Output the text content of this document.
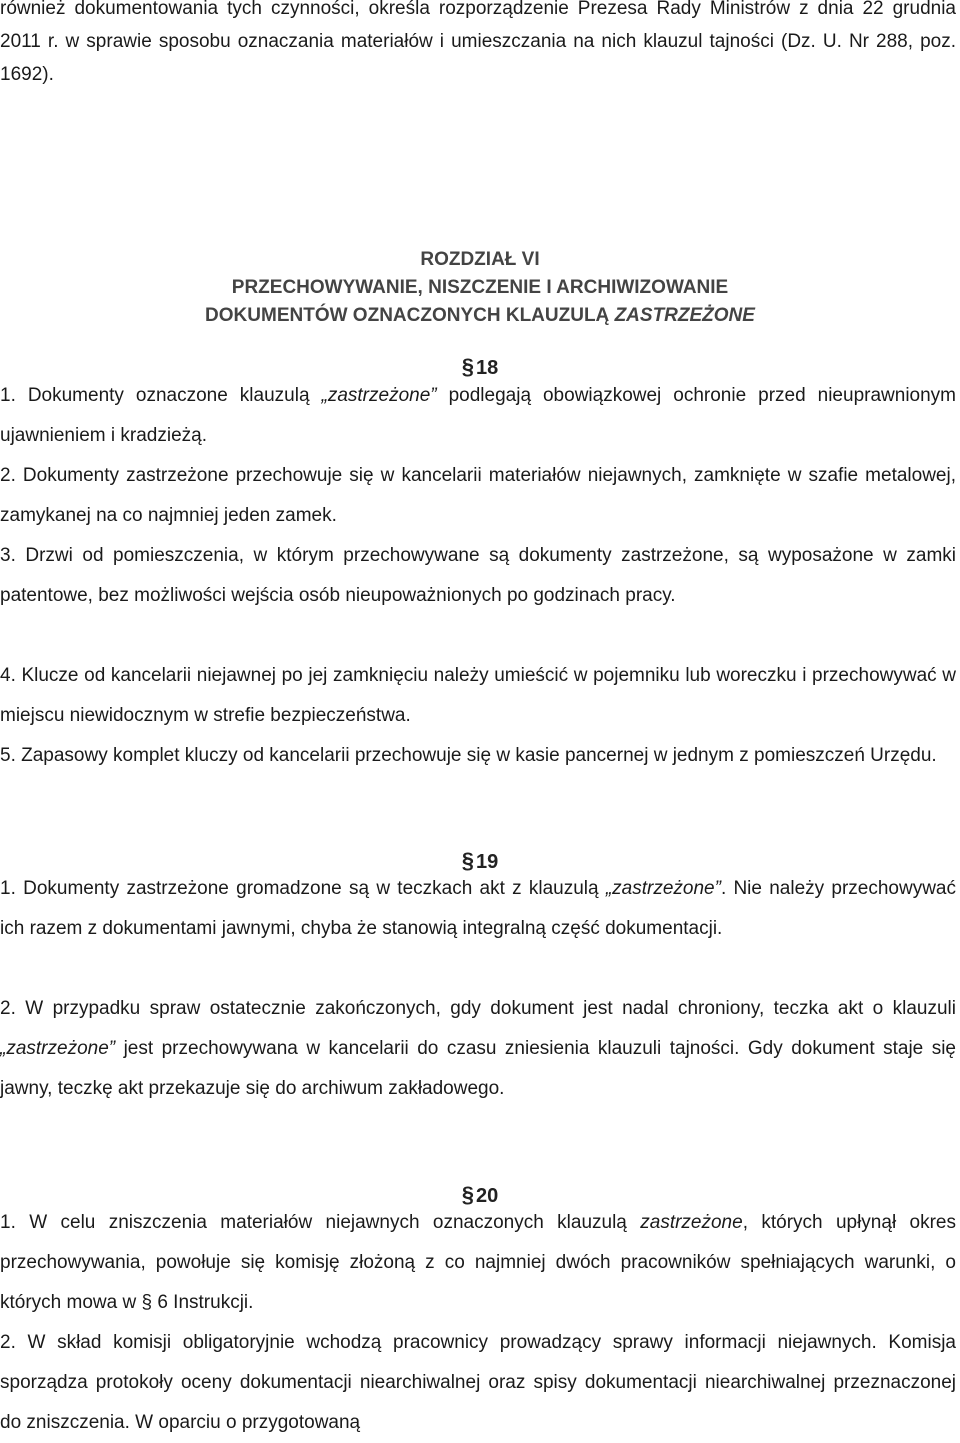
również dokumentowania tych czynności, określa rozporządzenie Prezesa Rady Ministrów z dnia 22 grudnia 2011 r. w sprawie sposobu oznaczania materiałów i umieszczania na nich klauzul tajności (Dz. U. Nr 288, poz. 1692).

ROZDZIAŁ VI
PRZECHOWYWANIE, NISZCZENIE I ARCHIWIZOWANIE
DOKUMENTÓW OZNACZONYCH KLAUZULĄ ZASTRZEŻONE
§ 18

1. Dokumenty oznaczone klauzulą „zastrzeżone” podlegają obowiązkowej ochronie przed nieuprawnionym ujawnieniem i kradzieżą.

2. Dokumenty zastrzeżone przechowuje się w kancelarii materiałów niejawnych, zamknięte w szafie metalowej, zamykanej na co najmniej jeden zamek.

3. Drzwi od pomieszczenia, w którym przechowywane są dokumenty zastrzeżone, są wyposażone w zamki patentowe, bez możliwości wejścia osób nieupoważnionych po godzinach pracy.

4. Klucze od kancelarii niejawnej po jej zamknięciu należy umieścić w pojemniku lub woreczku i przechowywać w miejscu niewidocznym w strefie bezpieczeństwa.

5. Zapasowy komplet kluczy od kancelarii przechowuje się w kasie pancernej w jednym z pomieszczeń Urzędu.

§ 19

1. Dokumenty zastrzeżone gromadzone są w teczkach akt z klauzulą „zastrzeżone”. Nie należy przechowywać ich razem z dokumentami jawnymi, chyba że stanowią integralną część dokumentacji.

2. W przypadku spraw ostatecznie zakończonych, gdy dokument jest nadal chroniony, teczka akt o klauzuli „zastrzeżone” jest przechowywana w kancelarii do czasu zniesienia klauzuli tajności. Gdy dokument staje się jawny, teczkę akt przekazuje się do archiwum zakładowego.

§ 20

1. W celu zniszczenia materiałów niejawnych oznaczonych klauzulą zastrzeżone, których upłynął okres przechowywania, powołuje się komisję złożoną z co najmniej dwóch pracowników spełniających warunki, o których mowa w § 6 Instrukcji.

2. W skład komisji obligatoryjnie wchodzą pracownicy prowadzący sprawy informacji niejawnych. Komisja sporządza protokoły oceny dokumentacji niearchiwalnej oraz spisy dokumentacji niearchiwalnej przeznaczonej do zniszczenia. W oparciu o przygotowaną
